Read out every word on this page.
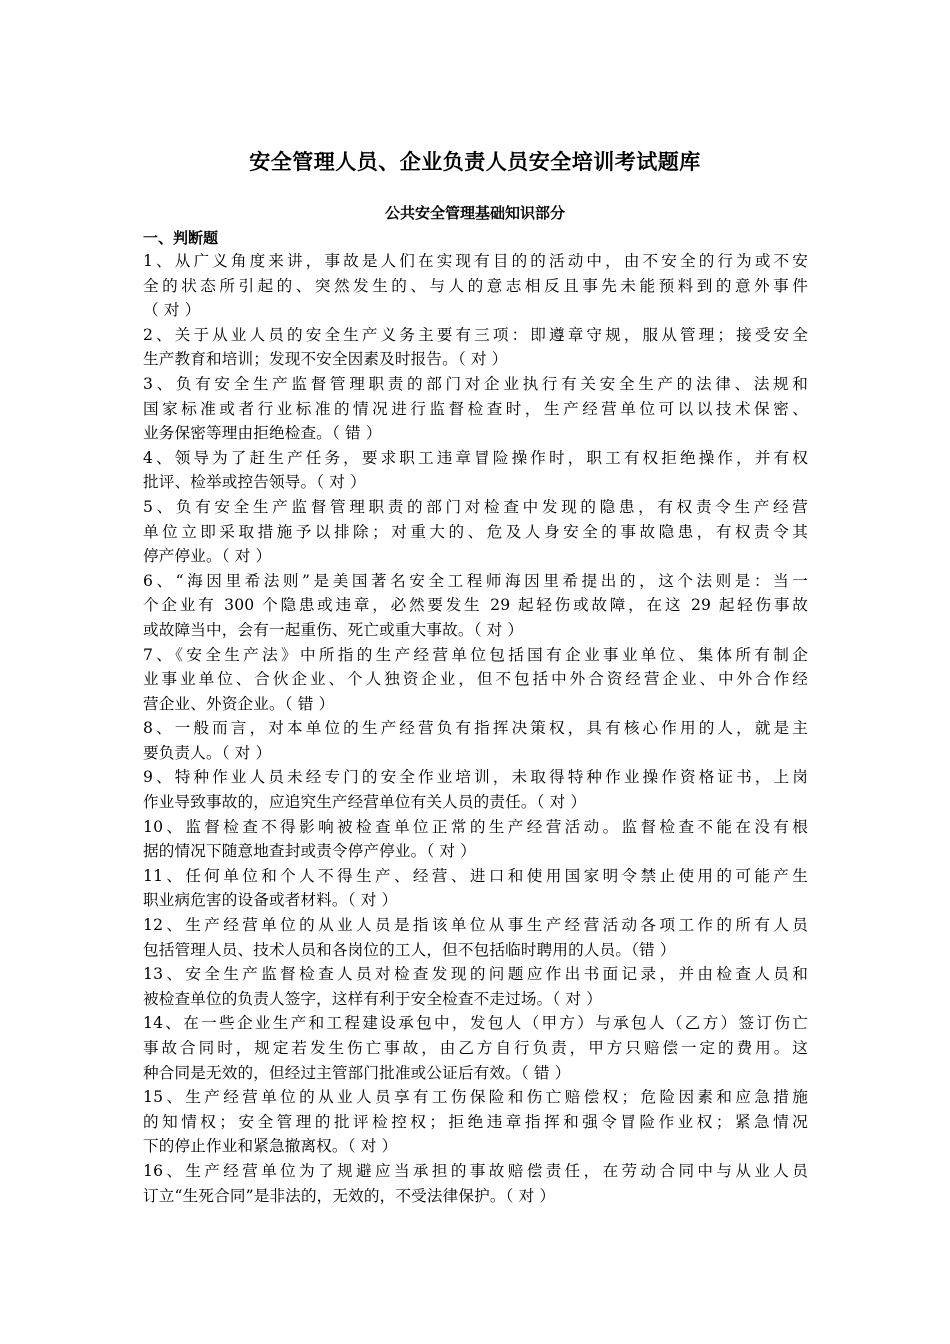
安全管理人员、企业负责人员安全培训考试题库
公共安全管理基础知识部分
一、判断题
1、从广义角度来讲，事故是人们在实现有目的的活动中，由不安全的行为或不安
全的状态所引起的、突然发生的、与人的意志相反且事先未能预料到的意外事件
（ 对 ）
2、关于从业人员的安全生产义务主要有三项：即遵章守规，服从管理；接受安全
生产教育和培训；发现不安全因素及时报告。（ 对 ）
3、负有安全生产监督管理职责的部门对企业执行有关安全生产的法律、法规和
国家标准或者行业标准的情况进行监督检查时，生产经营单位可以以技术保密、
业务保密等理由拒绝检查。（ 错 ）
4、领导为了赶生产任务，要求职工违章冒险操作时，职工有权拒绝操作，并有权
批评、检举或控告领导。（ 对 ）
5、负有安全生产监督管理职责的部门对检查中发现的隐患，有权责令生产经营
单位立即采取措施予以排除；对重大的、危及人身安全的事故隐患，有权责令其
停产停业。（ 对 ）
6、“海因里希法则”是美国著名安全工程师海因里希提出的，这个法则是：当一
个企业有 300 个隐患或违章，必然要发生 29 起轻伤或故障，在这 29 起轻伤事故
或故障当中，会有一起重伤、死亡或重大事故。（ 对 ）
7、《安全生产法》中所指的生产经营单位包括国有企业事业单位、集体所有制企
业事业单位、合伙企业、个人独资企业，但不包括中外合资经营企业、中外合作经
营企业、外资企业。（ 错 ）
8、一般而言，对本单位的生产经营负有指挥决策权，具有核心作用的人，就是主
要负责人。（ 对 ）
9、特种作业人员未经专门的安全作业培训，未取得特种作业操作资格证书，上岗
作业导致事故的，应追究生产经营单位有关人员的责任。（ 对 ）
10、监督检查不得影响被检查单位正常的生产经营活动。监督检查不能在没有根
据的情况下随意地查封或责令停产停业。（ 对 ）
11、任何单位和个人不得生产、经营、进口和使用国家明令禁止使用的可能产生
职业病危害的设备或者材料。（ 对 ）
12、生产经营单位的从业人员是指该单位从事生产经营活动各项工作的所有人员
包括管理人员、技术人员和各岗位的工人，但不包括临时聘用的人员。（错 ）
13、安全生产监督检查人员对检查发现的问题应作出书面记录，并由检查人员和
被检查单位的负责人签字，这样有利于安全检查不走过场。（ 对 ）
14、在一些企业生产和工程建设承包中，发包人（甲方）与承包人（乙方）签订伤亡
事故合同时，规定若发生伤亡事故，由乙方自行负责，甲方只赔偿一定的费用。这
种合同是无效的，但经过主管部门批准或公证后有效。（ 错 ）
15、生产经营单位的从业人员享有工伤保险和伤亡赔偿权；危险因素和应急措施
的知情权；安全管理的批评检控权；拒绝违章指挥和强令冒险作业权；紧急情况
下的停止作业和紧急撤离权。（ 对 ）
16、生产经营单位为了规避应当承担的事故赔偿责任，在劳动合同中与从业人员
订立“生死合同”是非法的，无效的，不受法律保护。（ 对 ）
